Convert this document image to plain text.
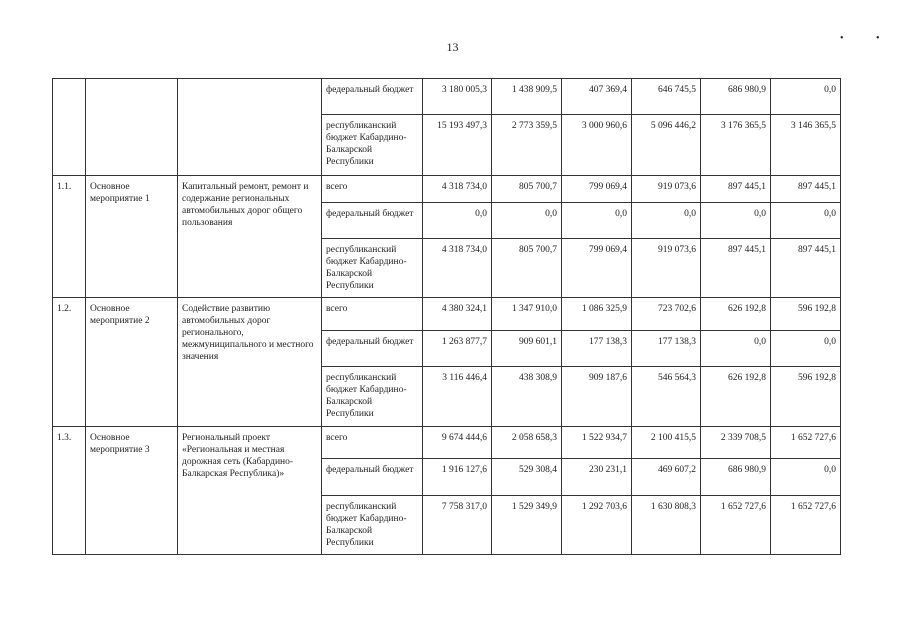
13
•	•
			федеральный бюджет	3 180 005,3	1 438 909,5	407 369,4	646 745,5	686 980,9	0,0
			республиканский бюджет Кабардино-Балкарской Республики	15 193 497,3	2 773 359,5	3 000 960,6	5 096 446,2	3 176 365,5	3 146 365,5
1.1.	Основное мероприятие 1	Капитальный ремонт, ремонт и содержание региональных автомобильных дорог общего пользования	всего	4 318 734,0	805 700,7	799 069,4	919 073,6	897 445,1	897 445,1
			федеральный бюджет	0,0	0,0	0,0	0,0	0,0	0,0
			республиканский бюджет Кабардино-Балкарской Республики	4 318 734,0	805 700,7	799 069,4	919 073,6	897 445,1	897 445,1
1.2.	Основное мероприятие 2	Содействие развитию автомобильных дорог регионального, межмуниципального и местного значения	всего	4 380 324,1	1 347 910,0	1 086 325,9	723 702,6	626 192,8	596 192,8
			федеральный бюджет	1 263 877,7	909 601,1	177 138,3	177 138,3	0,0	0,0
			республиканский бюджет Кабардино-Балкарской Республики	3 116 446,4	438 308,9	909 187,6	546 564,3	626 192,8	596 192,8
1.3.	Основное мероприятие 3	Региональный проект «Региональная и местная дорожная сеть (Кабардино-Балкарская Республика)»	всего	9 674 444,6	2 058 658,3	1 522 934,7	2 100 415,5	2 339 708,5	1 652 727,6
			федеральный бюджет	1 916 127,6	529 308,4	230 231,1	469 607,2	686 980,9	0,0
			республиканский бюджет Кабардино-Балкарской Республики	7 758 317,0	1 529 349,9	1 292 703,6	1 630 808,3	1 652 727,6	1 652 727,6
